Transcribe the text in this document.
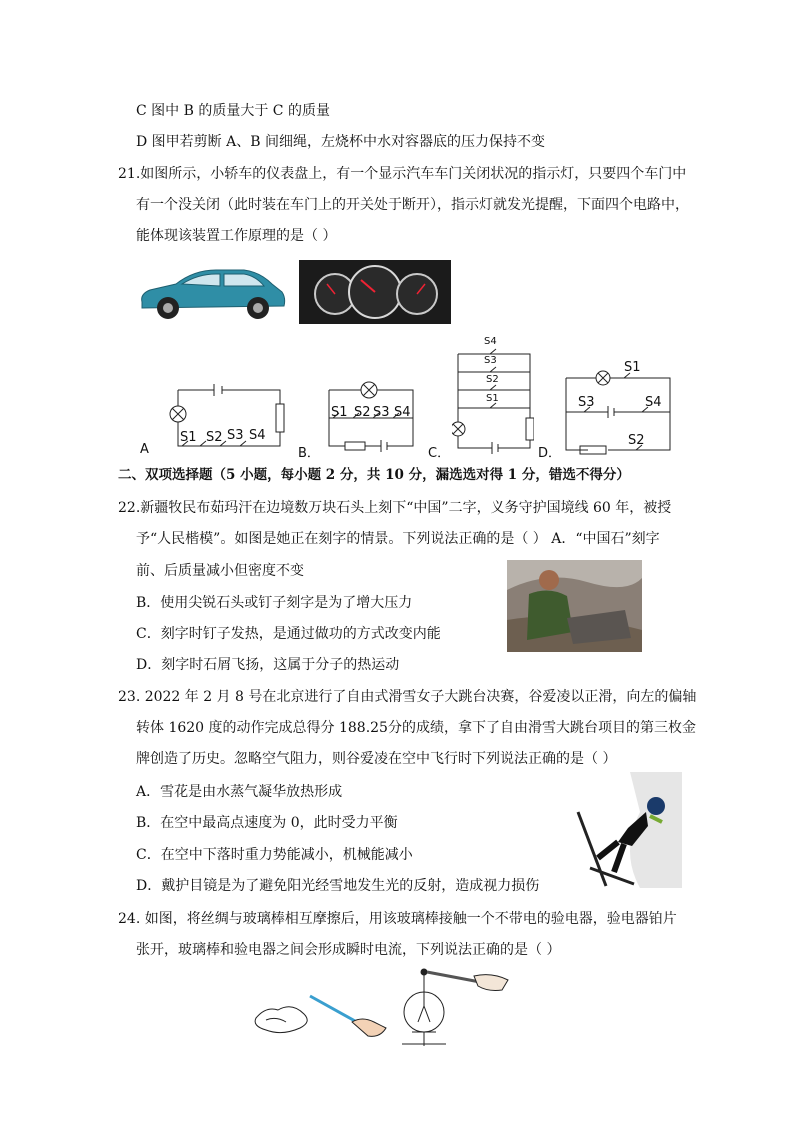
C 图中 B 的质量大于 C 的质量
D 图甲若剪断 A、B 间细绳，左烧杯中水对容器底的压力保持不变
21.如图所示，小轿车的仪表盘上，有一个显示汽车车门关闭状况的指示灯，只要四个车门中
有一个没关闭（此时装在车门上的开关处于断开），指示灯就发光提醒，下面四个电路中，
能体现该装置工作原理的是（ ）
S1 S2 S3 S4
A
S1 S2 S3 S4
B．
S4
S3
S2
S1
C．
S1
S3	S4
S2
D．
二、双项选择题（5 小题，每小题 2 分，共 10 分，漏选选对得 1 分，错选不得分）
22.新疆牧民布茹玛汗在边境数万块石头上刻下“中国”二字，义务守护国境线 60 年，被授
予“人民楷模”。如图是她正在刻字的情景。下列说法正确的是（ ） A．“中国石”刻字
前、后质量减小但密度不变
B．使用尖锐石头或钉子刻字是为了增大压力
C．刻字时钉子发热，是通过做功的方式改变内能
D．刻字时石屑飞扬，这属于分子的热运动
23. 2022 年 2 月 8 号在北京进行了自由式滑雪女子大跳台决赛，谷爱凌以正滑，向左的偏轴
转体 1620 度的动作完成总得分 188.25分的成绩，拿下了自由滑雪大跳台项目的第三枚金
牌创造了历史。忽略空气阻力，则谷爱凌在空中飞行时下列说法正确的是（ ）
A．雪花是由水蒸气凝华放热形成
B．在空中最高点速度为 0，此时受力平衡
C．在空中下落时重力势能减小，机械能减小
D．戴护目镜是为了避免阳光经雪地发生光的反射，造成视力损伤
24. 如图，将丝绸与玻璃棒相互摩擦后，用该玻璃棒接触一个不带电的验电器，验电器铂片
张开，玻璃棒和验电器之间会形成瞬时电流，下列说法正确的是（ ）
